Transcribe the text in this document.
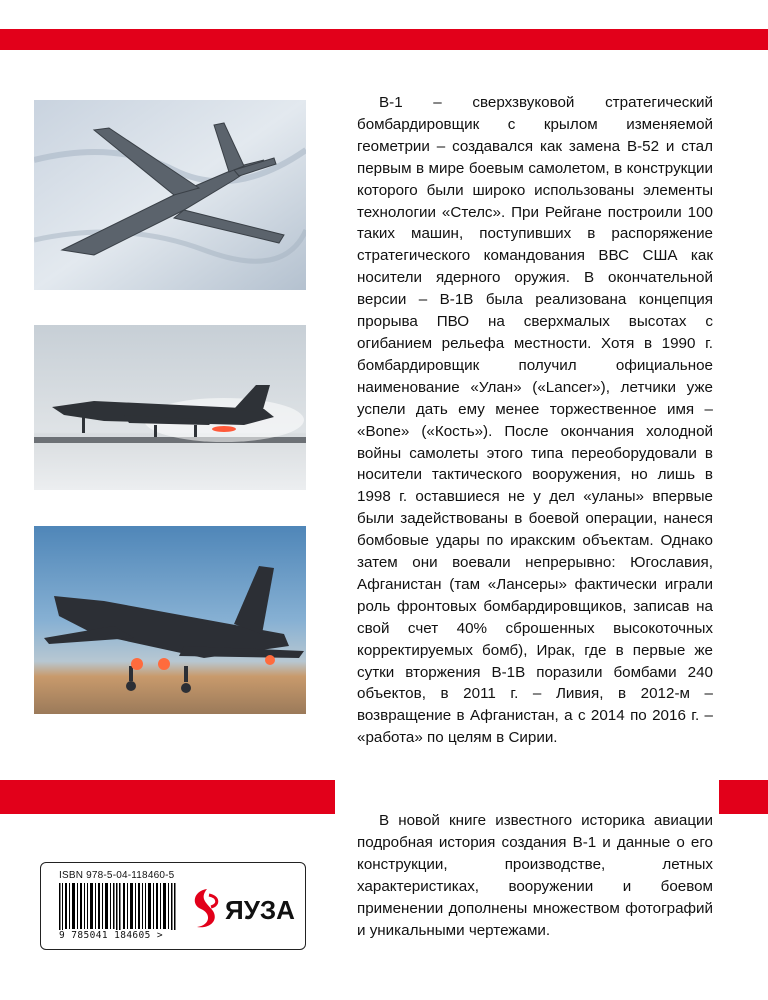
B-1 – сверхзвуковой стратегический бомбардировщик с крылом изменяемой геометрии – создавался как замена B-52 и стал первым в мире боевым самолетом, в конструкции которого были широко использованы элементы технологии «Стелс». При Рейгане построили 100 таких машин, поступивших в распоряжение стратегического командования ВВС США как носители ядерного оружия. В окончательной версии – B-1B была реализована концепция прорыва ПВО на сверхмалых высотах с огибанием рельефа местности. Хотя в 1990 г. бомбардировщик получил официальное наименование «Улан» («Lancer»), летчики уже успели дать ему менее торжественное имя – «Bone» («Кость»). После окончания холодной войны самолеты этого типа переоборудовали в носители тактического вооружения, но лишь в 1998 г. оставшиеся не у дел «уланы» впервые были задействованы в боевой операции, нанеся бомбовые удары по иракским объектам. Однако затем они воевали непрерывно: Югославия, Афганистан (там «Лансеры» фактически играли роль фронтовых бомбардировщиков, записав на свой счет 40% сброшенных высокоточных корректируемых бомб), Ирак, где в первые же сутки вторжения B-1B поразили бомбами 240 объектов, в 2011 г. – Ливия, в 2012-м – возвращение в Афганистан, а с 2014 по 2016 г. – «работа» по целям в Сирии.

В новой книге известного историка авиации подробная история создания B-1 и данные о его конструкции, производстве, летных характеристиках, вооружении и боевом применении дополнены множеством фотографий и уникальными чертежами.

ISBN 978-5-04-118460-5
9 785041 184605 >
ЯУЗА
